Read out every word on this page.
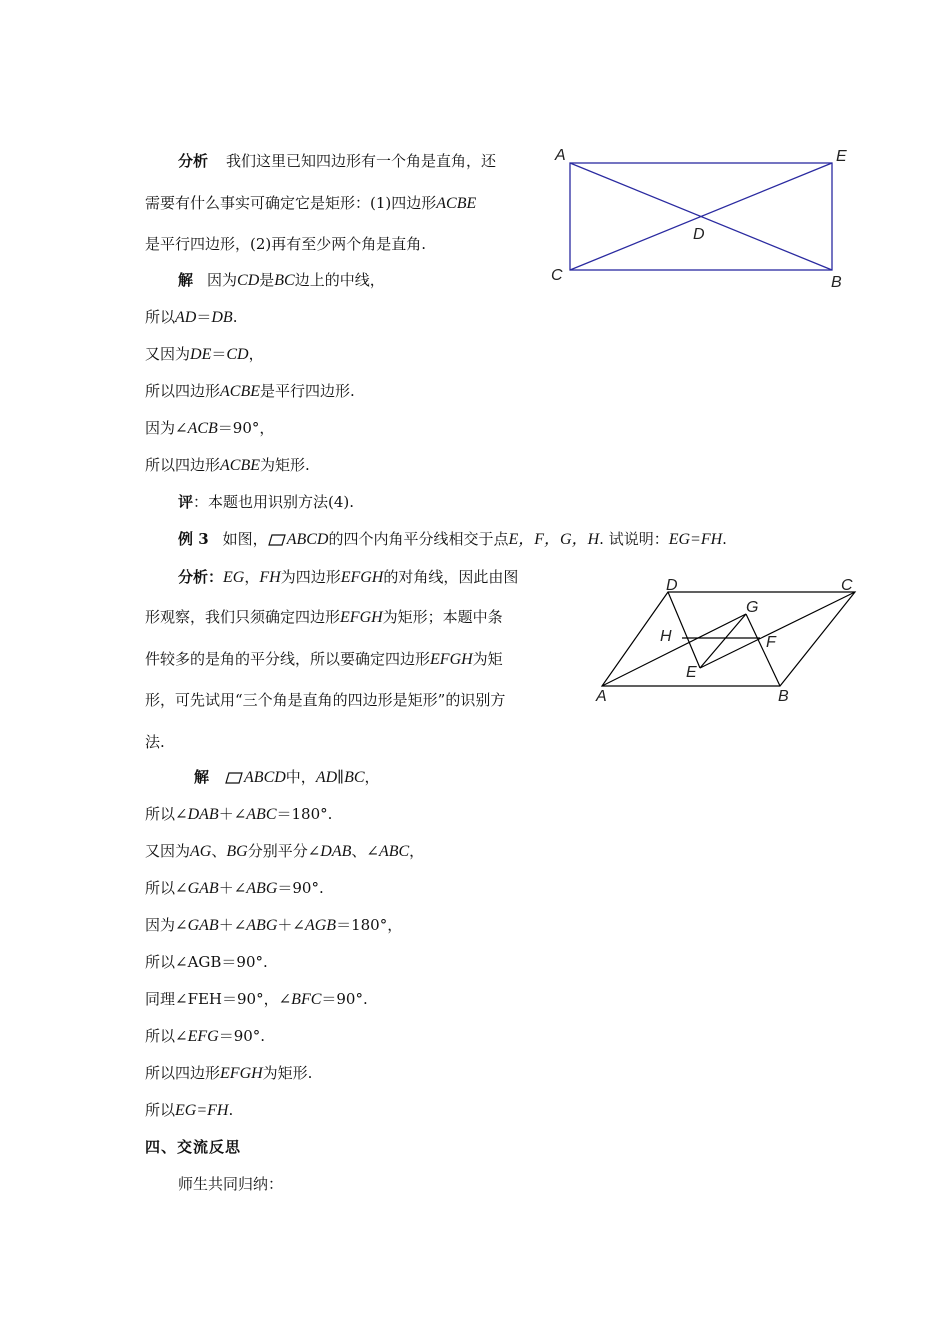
分析 我们这里已知四边形有一个角是直角，还
需要有什么事实可确定它是矩形：(1)四边形ACBE
是平行四边形，(2)再有至少两个角是直角.
解 因为CD是BC边上的中线，
所以AD＝DB.
又因为DE＝CD，
所以四边形ACBE是平行四边形.
因为∠ACB＝90°，
所以四边形ACBE为矩形.
评：本题也用识别方法(4).
例 3 如图， ABCD的四个内角平分线相交于点E，F，G，H. 试说明：EG=FH.
分析：EG，FH为四边形EFGH的对角线，因此由图
形观察，我们只须确定四边形EFGH为矩形；本题中条
件较多的是角的平分线，所以要确定四边形EFGH为矩
形，可先试用“三个角是直角的四边形是矩形”的识别方
法.
解 ABCD中，AD∥BC，
所以∠DAB＋∠ABC＝180°.
又因为AG、BG分别平分∠DAB、∠ABC，
所以∠GAB＋∠ABG＝90°.
因为∠GAB＋∠ABG＋∠AGB＝180°，
所以∠AGB＝90°.
同理∠FEH＝90°，∠BFC＝90°.
所以∠EFG＝90°.
所以四边形EFGH为矩形.
所以EG=FH.
四、交流反思
师生共同归纳：
A	E
D
C	B
D	C
G
H	F
E
A	B
